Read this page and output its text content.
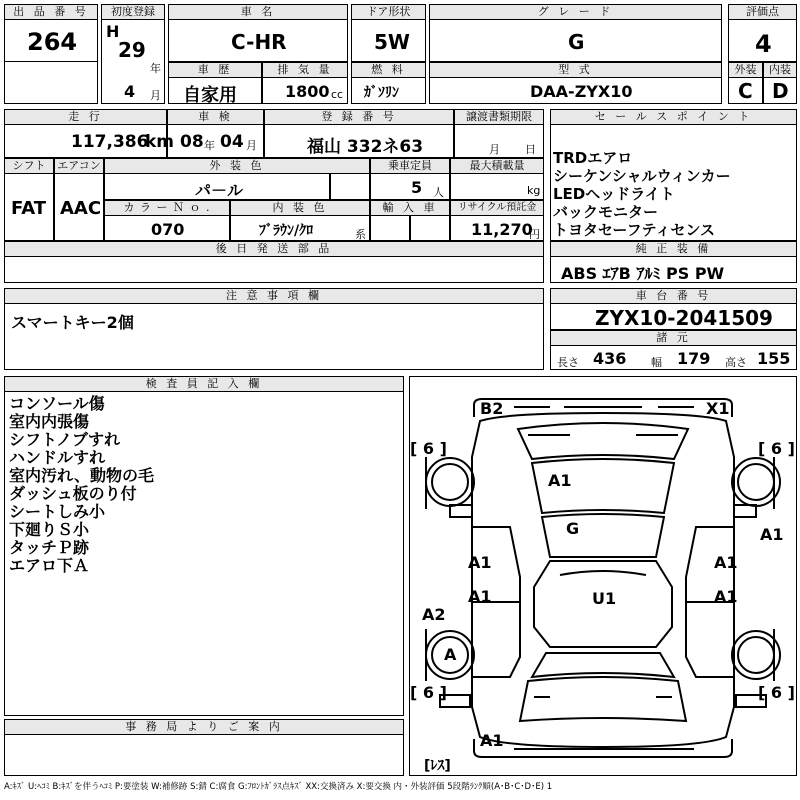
出 品 番 号
264
初度登録
H
29
年
4 月
車 名
C-HR
ドア形状
5W
グ レ ー ド
G
評価点
4
車 歴
自家用
排 気 量
1800 cc
燃 料
ｶﾞｿﾘﾝ
型 式
DAA-ZYX10
外装	内装
C D
走 行
117,386
km
車 検
08 年 04 月
登 録 番 号
福山 332ネ63
譲渡書類期限
月 日
シフト
FAT
エアコン
AAC
外 装 色
パ－ル
乗車定員
5 人
最大積載量
kg
カ ラ ー Ｎ ｏ .
070
内 装 色
ﾌﾞﾗｳﾝ/ｸﾛ	系
輸 入 車	リサイクル預託金
11,270
円
後 日 発 送 部 品
セ ー ル ス ポ イ ン ト
TRDエアロ
シーケンシャルウィンカー
LEDヘッドライト
バックモニター
トヨタセーフティセンス
純 正 装 備
ABS ｴｱB ｱﾙﾐ PS PW
注 意 事 項 欄
スマートキー2個
車 台 番 号
ZYX10-2041509
諸 元
長さ 436 幅 179 高さ 155
検 査 員 記 入 欄
コンソール傷
室内内張傷
シフトノブすれ
ハンドルすれ
室内汚れ、動物の毛
ダッシュ板のり付
シートしみ小
下廻りＳ小
タッチＰ跡
エアロ下Ａ
事 務 局 よ り ご 案 内
B2	X1
[ 6 ]	[ 6 ]
A1
G	A1
A1	A1
A1	U1	A1
A2
A
[ 6 ]	[ 6 ]
A1
[ﾚｽ]
A:ｷｽﾞ U:ﾍｺﾐ B:ｷｽﾞを伴うﾍｺﾐ P:要塗装 W:補修跡 S:錆 C:腐食 G:ﾌﾛﾝﾄｶﾞﾗｽ点ｷｽﾞ XX:交換済み X:要交換 内・外装評価 5段階ﾗﾝｸ順(A･B･C･D･E) 1
